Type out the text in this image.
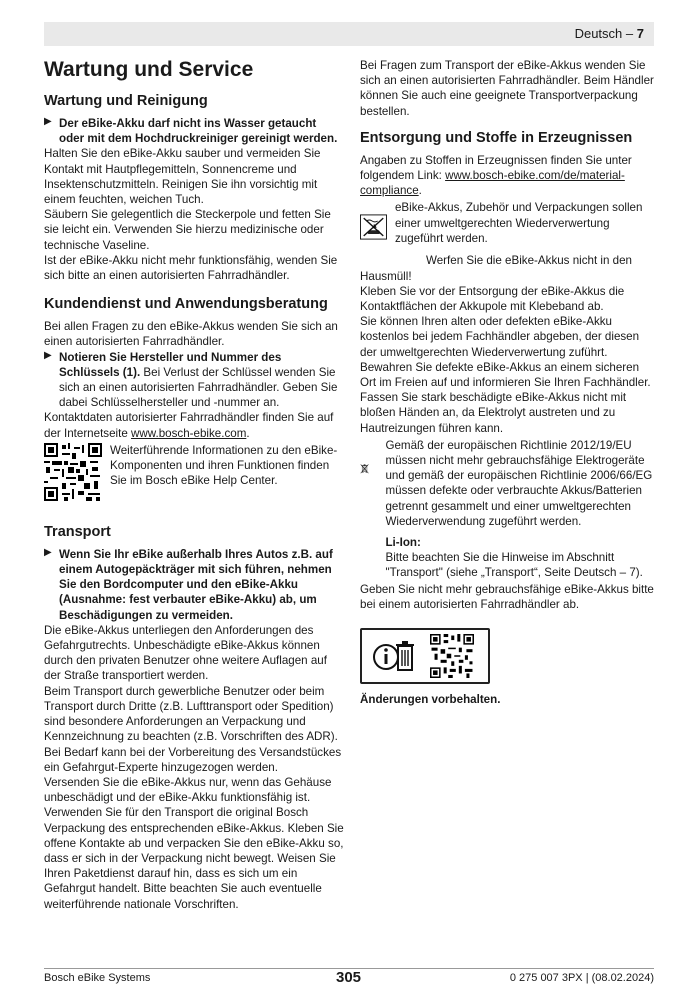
Deutsch – 7
Wartung und Service
Wartung und Reinigung
▶ Der eBike-Akku darf nicht ins Wasser getaucht oder mit dem Hochdruckreiniger gereinigt werden.

Halten Sie den eBike-Akku sauber und vermeiden Sie Kontakt mit Hautpflegemitteln, Sonnencreme und Insektenschutzmitteln. Reinigen Sie ihn vorsichtig mit einem feuchten, weichen Tuch.

Säubern Sie gelegentlich die Steckerpole und fetten Sie sie leicht ein. Verwenden Sie hierzu medizinische oder technische Vaseline.

Ist der eBike-Akku nicht mehr funktionsfähig, wenden Sie sich bitte an einen autorisierten Fahrradhändler.

Kundendienst und Anwendungsberatung

Bei allen Fragen zu den eBike-Akkus wenden Sie sich an einen autorisierten Fahrradhändler.

▶ Notieren Sie Hersteller und Nummer des Schlüssels (1). Bei Verlust der Schlüssel wenden Sie sich an einen autorisierten Fahrradhändler. Geben Sie dabei Schlüsselhersteller und -nummer an.

Kontaktdaten autorisierter Fahrradhändler finden Sie auf der Internetseite www.bosch-ebike.com.

Weiterführende Informationen zu den eBike-Komponenten und ihren Funktionen finden Sie im Bosch eBike Help Center.

Transport
▶ Wenn Sie Ihr eBike außerhalb Ihres Autos z.B. auf einem Autogepäckträger mit sich führen, nehmen Sie den Bordcomputer und den eBike-Akku (Ausnahme: fest verbauter eBike-Akku) ab, um Beschädigungen zu vermeiden.

Die eBike-Akkus unterliegen den Anforderungen des Gefahrgutrechts. Unbeschädigte eBike-Akkus können durch den privaten Benutzer ohne weitere Auflagen auf der Straße transportiert werden.

Beim Transport durch gewerbliche Benutzer oder beim Transport durch Dritte (z.B. Lufttransport oder Spedition) sind besondere Anforderungen an Verpackung und Kennzeichnung zu beachten (z.B. Vorschriften des ADR). Bei Bedarf kann bei der Vorbereitung des Versandstückes ein Gefahrgut-Experte hinzugezogen werden.

Versenden Sie die eBike-Akkus nur, wenn das Gehäuse unbeschädigt und der eBike-Akku funktionsfähig ist. Verwenden Sie für den Transport die original Bosch Verpackung des entsprechenden eBike-Akkus. Kleben Sie offene Kontakte ab und verpacken Sie den eBike-Akku so, dass er sich in der Verpackung nicht bewegt. Weisen Sie Ihren Paketdienst darauf hin, dass es sich um ein Gefahrgut handelt. Bitte beachten Sie auch eventuelle weiterführende nationale Vorschriften.

Bei Fragen zum Transport der eBike-Akkus wenden Sie sich an einen autorisierten Fahrradhändler. Beim Händler können Sie auch eine geeignete Transportverpackung bestellen.

Entsorgung und Stoffe in Erzeugnissen

Angaben zu Stoffen in Erzeugnissen finden Sie unter folgendem Link: www.bosch-ebike.com/de/material-compliance.

eBike-Akkus, Zubehör und Verpackungen sollen einer umweltgerechten Wiederverwertung zugeführt werden.

Werfen Sie die eBike-Akkus nicht in den Hausmüll!

Kleben Sie vor der Entsorgung der eBike-Akkus die Kontaktflächen der Akkupole mit Klebeband ab.

Sie können Ihren alten oder defekten eBike-Akku kostenlos bei jedem Fachhändler abgeben, der diesen der umweltgerechten Wiederverwertung zuführt. Bewahren Sie defekte eBike-Akkus an einem sicheren Ort im Freien auf und informieren Sie Ihren Fachhändler. Fassen Sie stark beschädigte eBike-Akkus nicht mit bloßen Händen an, da Elektrolyt austreten und zu Hautreizungen führen kann.

Gemäß der europäischen Richtlinie 2012/19/EU müssen nicht mehr gebrauchsfähige Elektrogeräte und gemäß der europäischen Richtlinie 2006/66/EG müssen defekte oder verbrauchte Akkus/Batterien getrennt gesammelt und einer umweltgerechten Wiederverwendung zugeführt werden.

Li-Ion:

Bitte beachten Sie die Hinweise im Abschnitt "Transport" (siehe „Transport“, Seite Deutsch – 7).

Geben Sie nicht mehr gebrauchsfähige eBike-Akkus bitte bei einem autorisierten Fahrradhändler ab.

Änderungen vorbehalten.

Bosch eBike Systems	305	0 275 007 3PX | (08.02.2024)
